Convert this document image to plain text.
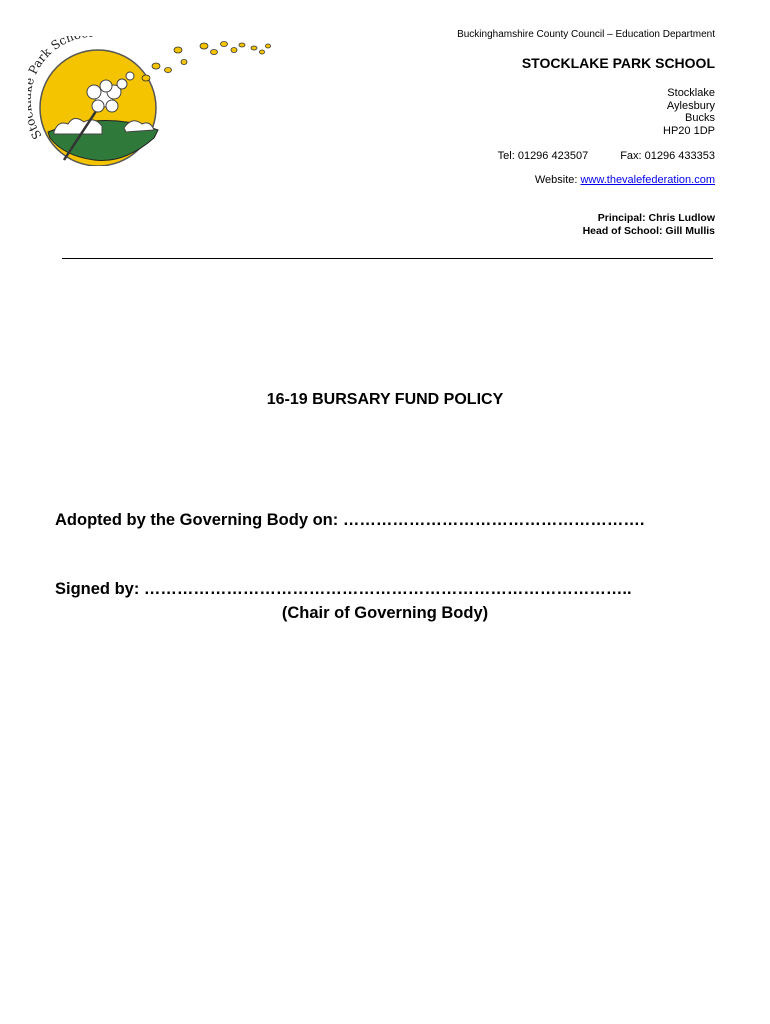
S ark Sch	Buckinghamshire County Council – Education Department
STOCKLAKE PARK SCHOOL
Stocklake
Aylesbury
Bucks
HP20 1DP
Tel: 01296 423507	Fax: 01296 433353
Website: www.thevalefederation.com
Principal: Chris Ludlow
Head of School: Gill Mullis
16-19 BURSARY FUND POLICY
Adopted by the Governing Body on: ……………………………………………….
Signed by: ……………………………………………………………………………..
(Chair of Governing Body)
